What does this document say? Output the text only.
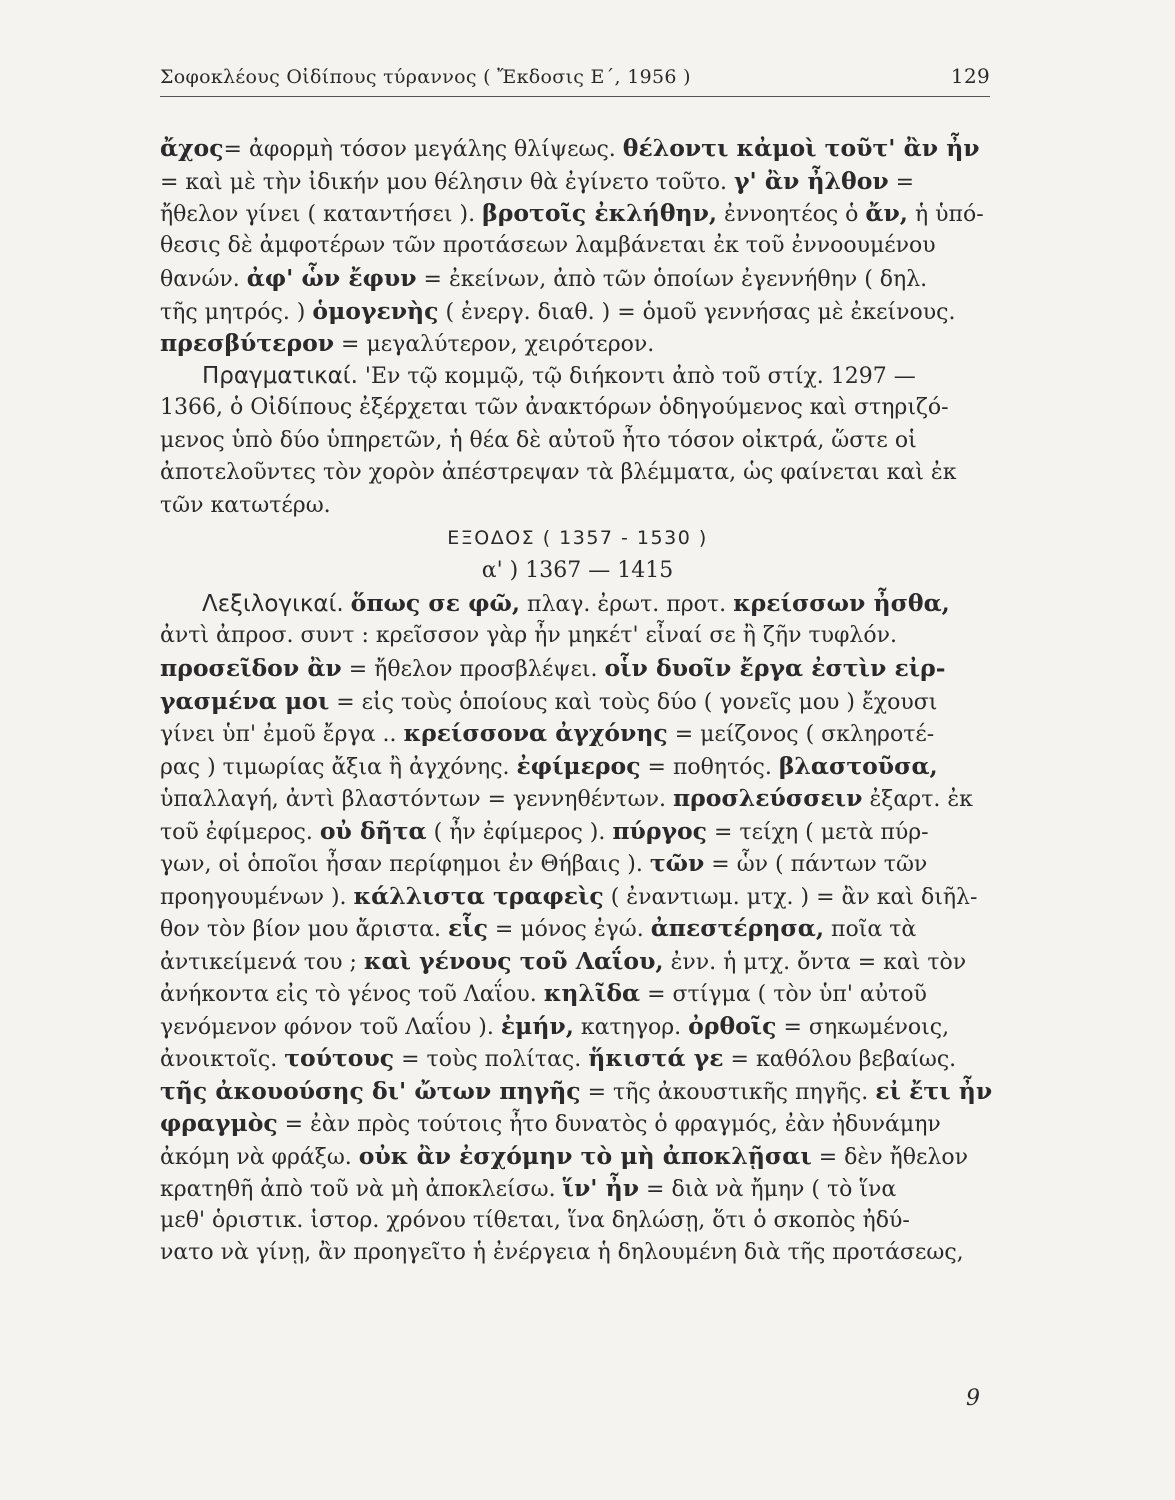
Σοφοκλέους Οἰδίπους τύραννος ( Ἔκδοσις Ε΄, 1956 )	129
ἄχος= ἀφορμὴ τόσον μεγάλης θλίψεως. θέλοντι κἀμοὶ τοῦτ' ἂν ἦν
= καὶ μὲ τὴν ἰδικήν μου θέλησιν θὰ ἐγίνετο τοῦτο. γ' ἂν ἦλθον =
ἤθελον γίνει ( καταντήσει ). βροτοῖς ἐκλήθην, ἐννοητέος ὁ ἄν, ἡ ὑπό-
θεσις δὲ ἀμφοτέρων τῶν προτάσεων λαμβάνεται ἐκ τοῦ ἐννοουμένου
θανών. ἀφ' ὧν ἔφυν = ἐκείνων, ἀπὸ τῶν ὁποίων ἐγεννήθην ( δηλ.
τῆς μητρός. ) ὁμογενὴς ( ἐνεργ. διαθ. ) = ὁμοῦ γεννήσας μὲ ἐκείνους.
πρεσβύτερον = μεγαλύτερον, χειρότερον.
Πραγματικαί. 'Εν τῷ κομμῷ, τῷ διήκοντι ἀπὸ τοῦ στίχ. 1297 —
1366, ὁ Οἰδίπους ἐξέρχεται τῶν ἀνακτόρων ὁδηγούμενος καὶ στηριζό-
μενος ὑπὸ δύο ὑπηρετῶν, ἡ θέα δὲ αὐτοῦ ἦτο τόσον οἰκτρά, ὥστε οἱ
ἀποτελοῦντες τὸν χορὸν ἀπέστρεψαν τὰ βλέμματα, ὡς φαίνεται καὶ ἐκ
τῶν κατωτέρω.
ΕΞΟΔΟΣ ( 1357 - 1530 )
α' ) 1367 — 1415
Λεξιλογικαί. ὅπως σε φῶ, πλαγ. ἐρωτ. προτ. κρείσσων ἦσθα,
ἀντὶ ἀπροσ. συντ : κρεῖσσον γὰρ ἦν μηκέτ' εἶναί σε ἢ ζῆν τυφλόν.
προσεῖδον ἂν = ἤθελον προσβλέψει. οἷν δυοῖν ἔργα ἐστὶν εἰρ-
γασμένα μοι = εἰς τοὺς ὁποίους καὶ τοὺς δύο ( γονεῖς μου ) ἔχουσι
γίνει ὑπ' ἐμοῦ ἔργα .. κρείσσονα ἀγχόνης = μείζονος ( σκληροτέ-
ρας ) τιμωρίας ἄξια ἢ ἀγχόνης. ἐφίμερος = ποθητός. βλαστοῦσα,
ὑπαλλαγή, ἀντὶ βλαστόντων = γεννηθέντων. προσλεύσσειν ἐξαρτ. ἐκ
τοῦ ἐφίμερος. οὐ δῆτα ( ἦν ἐφίμερος ). πύργος = τείχη ( μετὰ πύρ-
γων, οἱ ὁποῖοι ἦσαν περίφημοι ἐν Θήβαις ). τῶν = ὧν ( πάντων τῶν
προηγουμένων ). κάλλιστα τραφεὶς ( ἐναντιωμ. μτχ. ) = ἂν καὶ διῆλ-
θον τὸν βίον μου ἄριστα. εἷς = μόνος ἐγώ. ἀπεστέρησα, ποῖα τὰ
ἀντικείμενά του ; καὶ γένους τοῦ Λαΐου, ἐνν. ἡ μτχ. ὄντα = καὶ τὸν
ἀνήκοντα εἰς τὸ γένος τοῦ Λαΐου. κηλῖδα = στίγμα ( τὸν ὑπ' αὐτοῦ
γενόμενον φόνον τοῦ Λαΐου ). ἐμήν, κατηγορ. ὀρθοῖς = σηκωμένοις,
ἀνοικτοῖς. τούτους = τοὺς πολίτας. ἥκιστά γε = καθόλου βεβαίως.
τῆς ἀκουούσης δι' ὤτων πηγῆς = τῆς ἀκουστικῆς πηγῆς. εἰ ἔτι ἦν
φραγμὸς = ἐὰν πρὸς τούτοις ἦτο δυνατὸς ὁ φραγμός, ἐὰν ἠδυνάμην
ἀκόμη νὰ φράξω. οὐκ ἂν ἐσχόμην τὸ μὴ ἀποκλῇσαι = δὲν ἤθελον
κρατηθῆ ἀπὸ τοῦ νὰ μὴ ἀποκλείσω. ἵν' ἦν = διὰ νὰ ἤμην ( τὸ ἵνα
μεθ' ὁριστικ. ἱστορ. χρόνου τίθεται, ἵνα δηλώσῃ, ὅτι ὁ σκοπὸς ἠδύ-
νατο νὰ γίνῃ, ἂν προηγεῖτο ἡ ἐνέργεια ἡ δηλουμένη διὰ τῆς προτάσεως,
9
